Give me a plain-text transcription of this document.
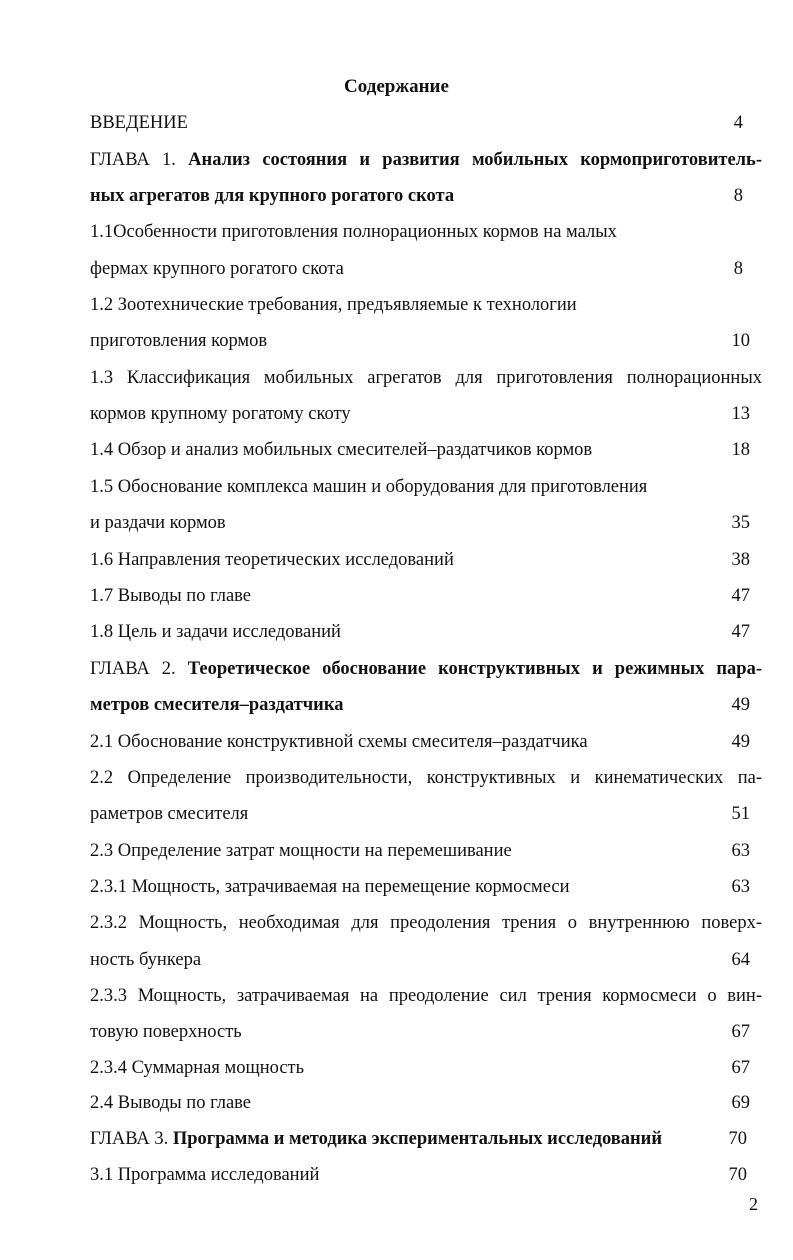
Содержание
ВВЕДЕНИЕ	4
ГЛАВА 1. Анализ состояния и развития мобильных кормоприготовитель-
ных агрегатов для крупного рогатого скота	8
1.1Особенности приготовления полнорационных кормов на малых
фермах крупного рогатого скота	8
1.2 Зоотехнические требования, предъявляемые к технологии
приготовления кормов	10
1.3 Классификация мобильных агрегатов для приготовления полнорационных
кормов крупному рогатому скоту	13
1.4 Обзор и анализ мобильных смесителей–раздатчиков кормов	18
1.5 Обоснование комплекса машин и оборудования для приготовления
и раздачи кормов	35
1.6 Направления теоретических исследований	38
1.7 Выводы по главе	47
1.8 Цель и задачи исследований	47
ГЛАВА 2. Теоретическое обоснование конструктивных и режимных пара-
метров смесителя–раздатчика	49
2.1 Обоснование конструктивной схемы смесителя–раздатчика	49
2.2 Определение производительности, конструктивных и кинематических па-
раметров смесителя	51
2.3 Определение затрат мощности на перемешивание	63
2.3.1 Мощность, затрачиваемая на перемещение кормосмеси	63
2.3.2 Мощность, необходимая для преодоления трения о внутреннюю поверх-
ность бункера	64
2.3.3 Мощность, затрачиваемая на преодоление сил трения кормосмеси о вин-
товую поверхность	67
2.3.4 Суммарная мощность	67
2.4 Выводы по главе	69
ГЛАВА 3. Программа и методика экспериментальных исследований	70
3.1 Программа исследований	70
2
